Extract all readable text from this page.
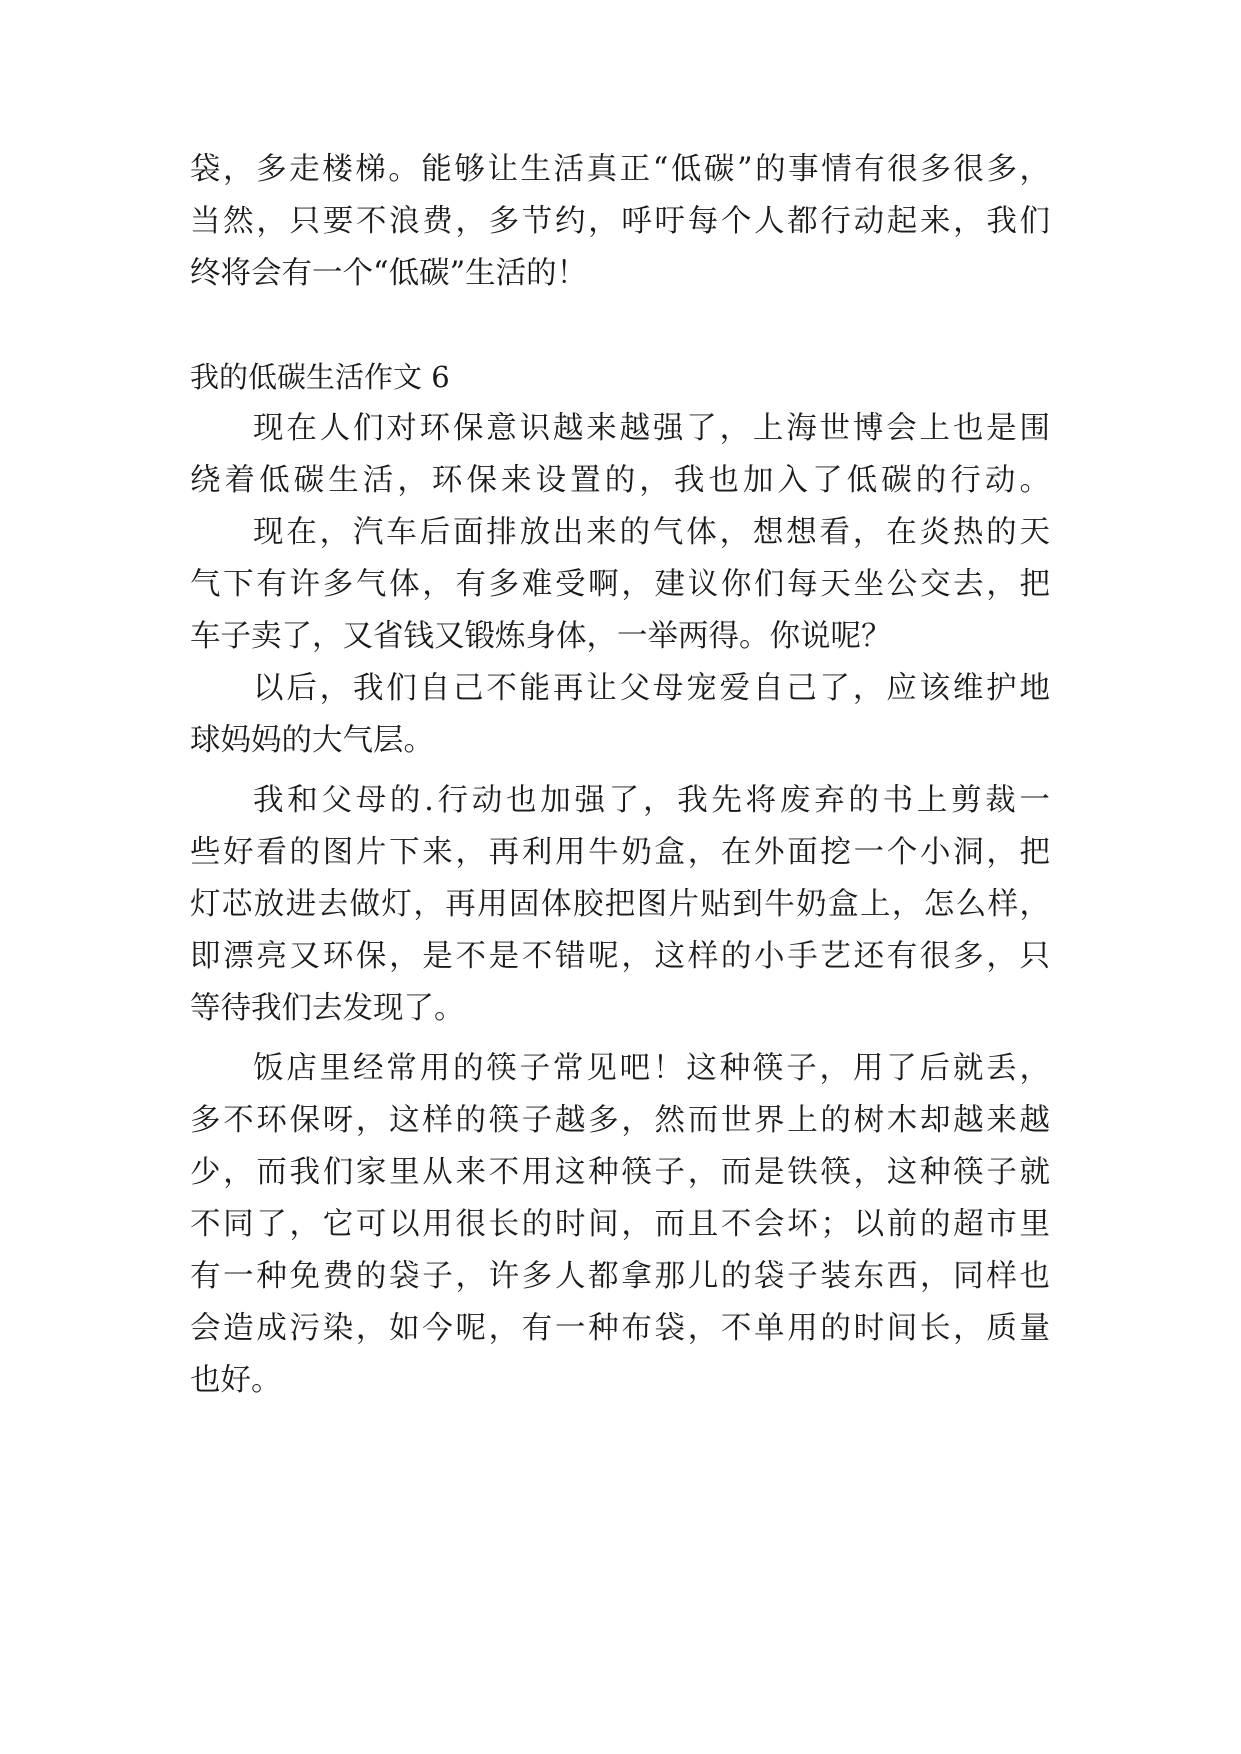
袋，多走楼梯。能够让生活真正“低碳”的事情有很多很多，

当然，只要不浪费，多节约，呼吁每个人都行动起来，我们

终将会有一个“低碳”生活的！

我的低碳生活作文 6

现在人们对环保意识越来越强了，上海世博会上也是围

绕着低碳生活，环保来设置的，我也加入了低碳的行动。

现在，汽车后面排放出来的气体，想想看，在炎热的天

气下有许多气体，有多难受啊，建议你们每天坐公交去，把

车子卖了，又省钱又锻炼身体，一举两得。你说呢？

以后，我们自己不能再让父母宠爱自己了，应该维护地

球妈妈的大气层。

我和父母的.行动也加强了，我先将废弃的书上剪裁一

些好看的图片下来，再利用牛奶盒，在外面挖一个小洞，把

灯芯放进去做灯，再用固体胶把图片贴到牛奶盒上，怎么样，

即漂亮又环保，是不是不错呢，这样的小手艺还有很多，只

等待我们去发现了。

饭店里经常用的筷子常见吧！这种筷子，用了后就丢，

多不环保呀，这样的筷子越多，然而世界上的树木却越来越

少，而我们家里从来不用这种筷子，而是铁筷，这种筷子就

不同了，它可以用很长的时间，而且不会坏；以前的超市里

有一种免费的袋子，许多人都拿那儿的袋子装东西，同样也

会造成污染，如今呢，有一种布袋，不单用的时间长，质量

也好。
